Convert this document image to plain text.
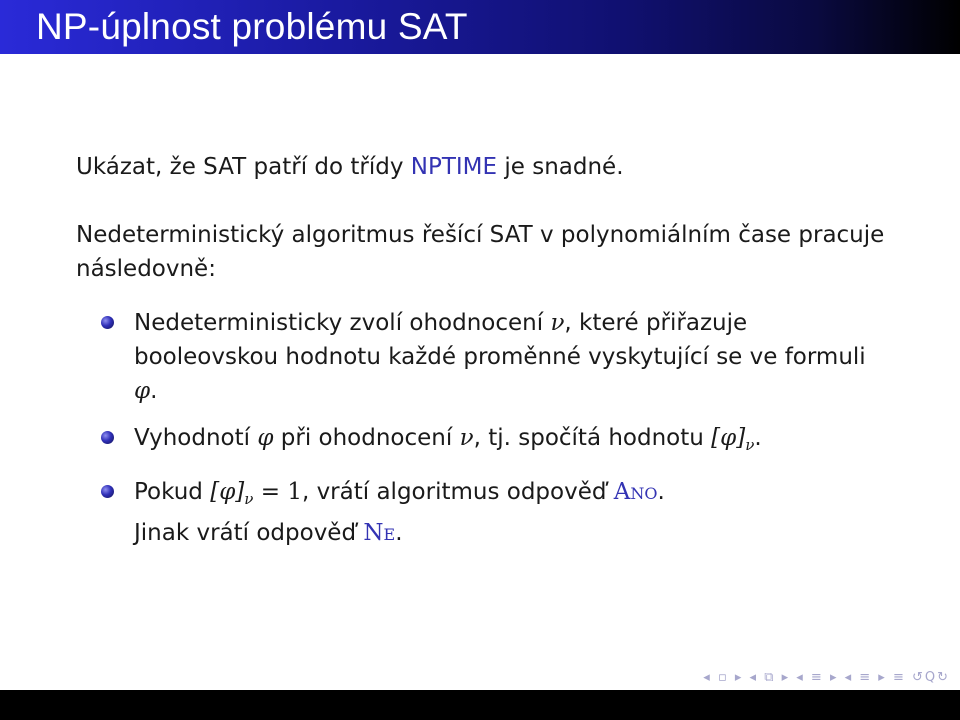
NP-úplnost problému SAT

Ukázat, že SAT patří do třídy NPTIME je snadné.

Nedeterministický algoritmus řešící SAT v polynomiálním čase pracuje následovně:

Nedeterministicky zvolí ohodnocení ν, které přiřazuje booleovskou hodnotu každé proměnné vyskytující se ve formuli φ.
Vyhodnotí φ při ohodnocení ν, tj. spočítá hodnotu $[\varphi]_\nu$.
Pokud $[\varphi]_\nu = 1$, vrátí algoritmus odpověď Ano.
Jinak vrátí odpověď Ne.
◂ ▫ ▸ ◂ ⧉ ▸ ◂ ≡ ▸ ◂ ≡ ▸ ≡ ↺Q↻
